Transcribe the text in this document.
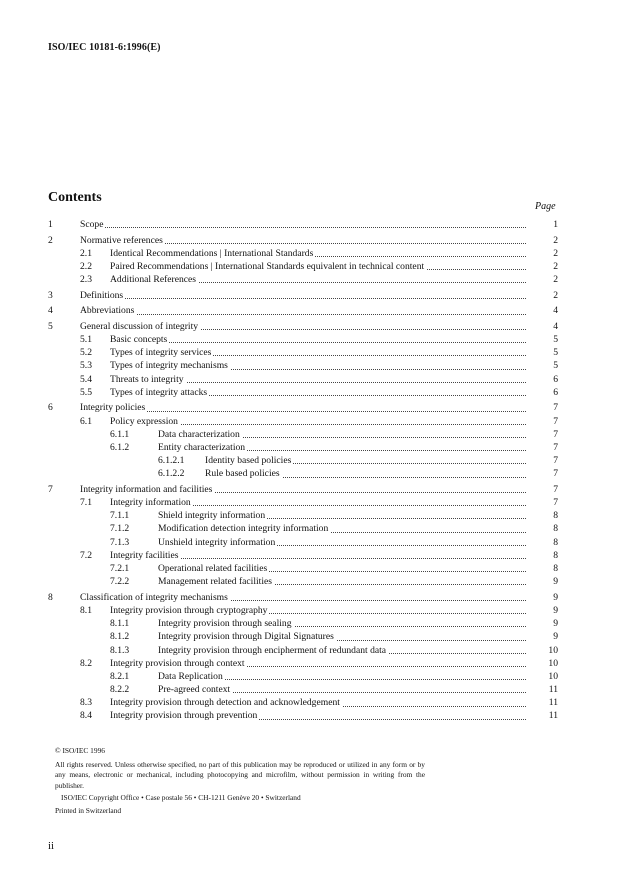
ISO/IEC 10181-6:1996(E)
Contents
Page
1	Scope	1
2	Normative references	2
2.1 Identical Recommendations | International Standards	2
2.2 Paired Recommendations | International Standards equivalent in technical content	2
2.3 Additional References	2
3	Definitions	2
4	Abbreviations	4
5	General discussion of integrity	4
5.1 Basic concepts	5
5.2 Types of integrity services	5
5.3 Types of integrity mechanisms	5
5.4 Threats to integrity	6
5.5 Types of integrity attacks	6
6	Integrity policies	7
6.1 Policy expression	7
6.1.1	Data characterization	7
6.1.2	Entity characterization	7
6.1.2.1 Identity based policies	7
6.1.2.2 Rule based policies	7
7	Integrity information and facilities	7
7.1 Integrity information	7
7.1.1	Shield integrity information	8
7.1.2	Modification detection integrity information	8
7.1.3	Unshield integrity information	8
7.2 Integrity facilities	8
7.2.1	Operational related facilities	8
7.2.2	Management related facilities	9
8	Classification of integrity mechanisms	9
8.1 Integrity provision through cryptography	9
8.1.1	Integrity provision through sealing	9
8.1.2	Integrity provision through Digital Signatures	9
8.1.3	Integrity provision through encipherment of redundant data	10
8.2 Integrity provision through context	10
8.2.1	Data Replication	10
8.2.2	Pre-agreed context	11
8.3 Integrity provision through detection and acknowledgement	11
8.4 Integrity provision through prevention	11

© ISO/IEC 1996

All rights reserved. Unless otherwise specified, no part of this publication may be reproduced or utilized in any form or by any means, electronic or mechanical, including photocopying and microfilm, without permission in writing from the publisher.

ISO/IEC Copyright Office • Case postale 56 • CH-1211 Genève 20 • Switzerland

Printed in Switzerland

ii
